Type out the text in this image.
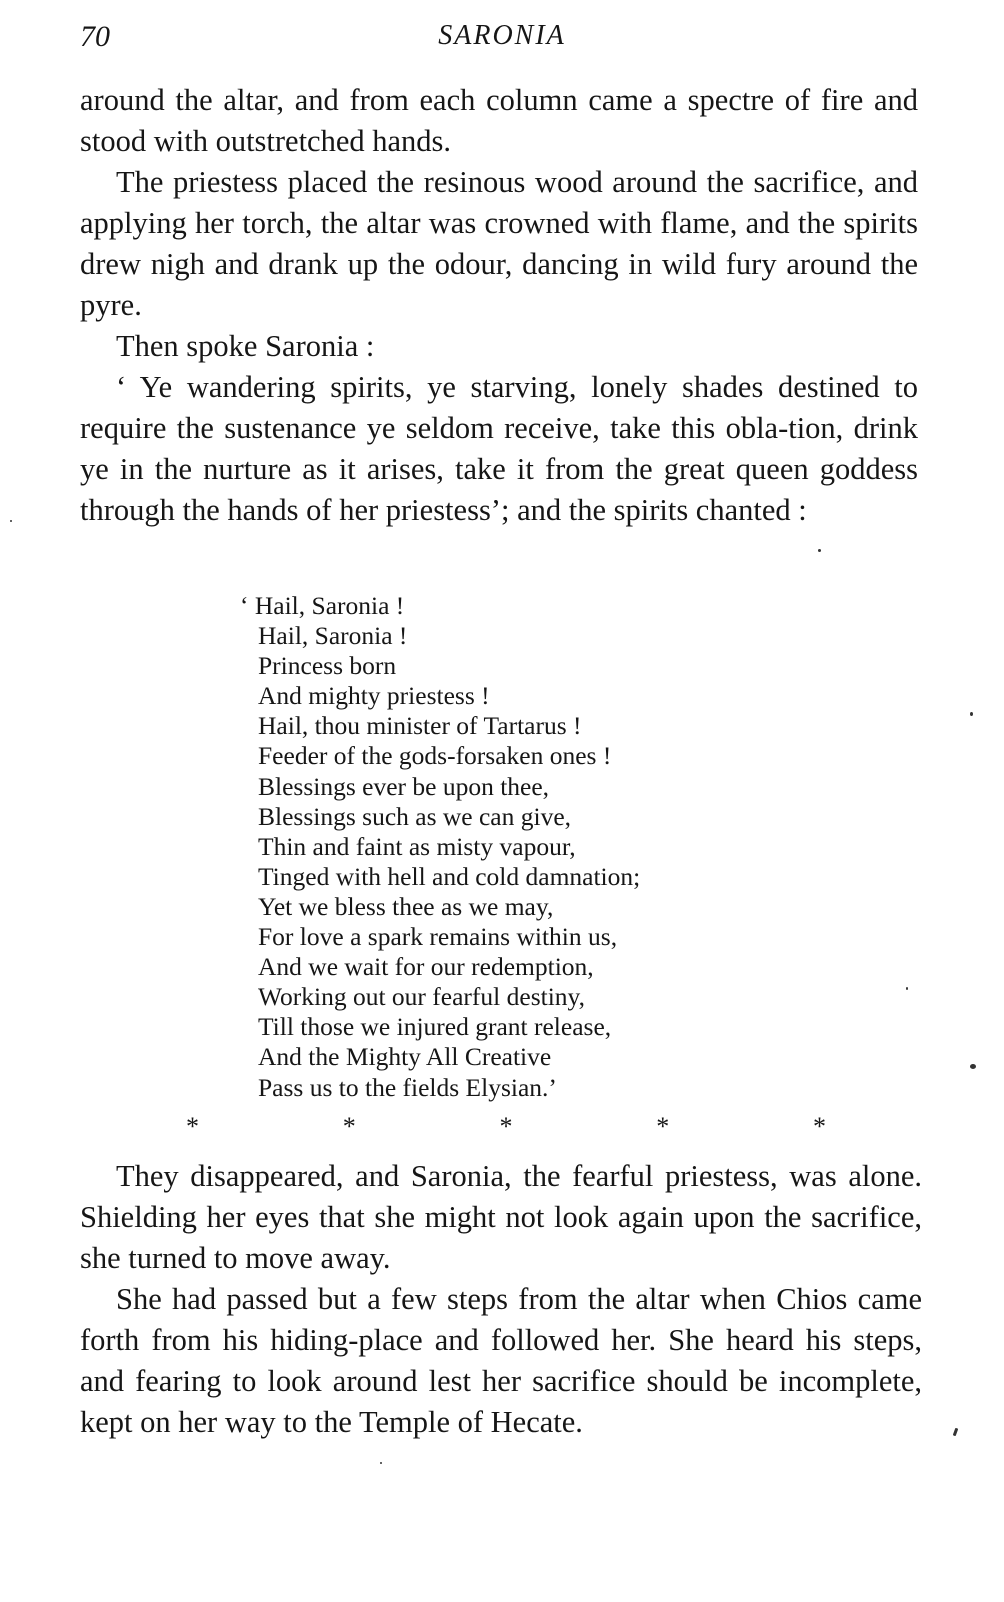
70	SARONIA

around the altar, and from each column came a spectre of fire and stood with outstretched hands.

The priestess placed the resinous wood around the sacrifice, and applying her torch, the altar was crowned with flame, and the spirits drew nigh and drank up the odour, dancing in wild fury around the pyre.

Then spoke Saronia :

‘ Ye wandering spirits, ye starving, lonely shades destined to require the sustenance ye seldom receive, take this obla-tion, drink ye in the nurture as it arises, take it from the great queen goddess through the hands of her priestess’; and the spirits chanted :

‘ Hail, Saronia !
Hail, Saronia !
Princess born
And mighty priestess !
Hail, thou minister of Tartarus !
Feeder of the gods-forsaken ones !
Blessings ever be upon thee,
Blessings such as we can give,
Thin and faint as misty vapour,
Tinged with hell and cold damnation;
Yet we bless thee as we may,
For love a spark remains within us,
And we wait for our redemption,
Working out our fearful destiny,
Till those we injured grant release,
And the Mighty All Creative
Pass us to the fields Elysian.’
*	*	*	*	*

They disappeared, and Saronia, the fearful priestess, was alone. Shielding her eyes that she might not look again upon the sacrifice, she turned to move away.

She had passed but a few steps from the altar when Chios came forth from his hiding-place and followed her. She heard his steps, and fearing to look around lest her sacrifice should be incomplete, kept on her way to the Temple of Hecate.
